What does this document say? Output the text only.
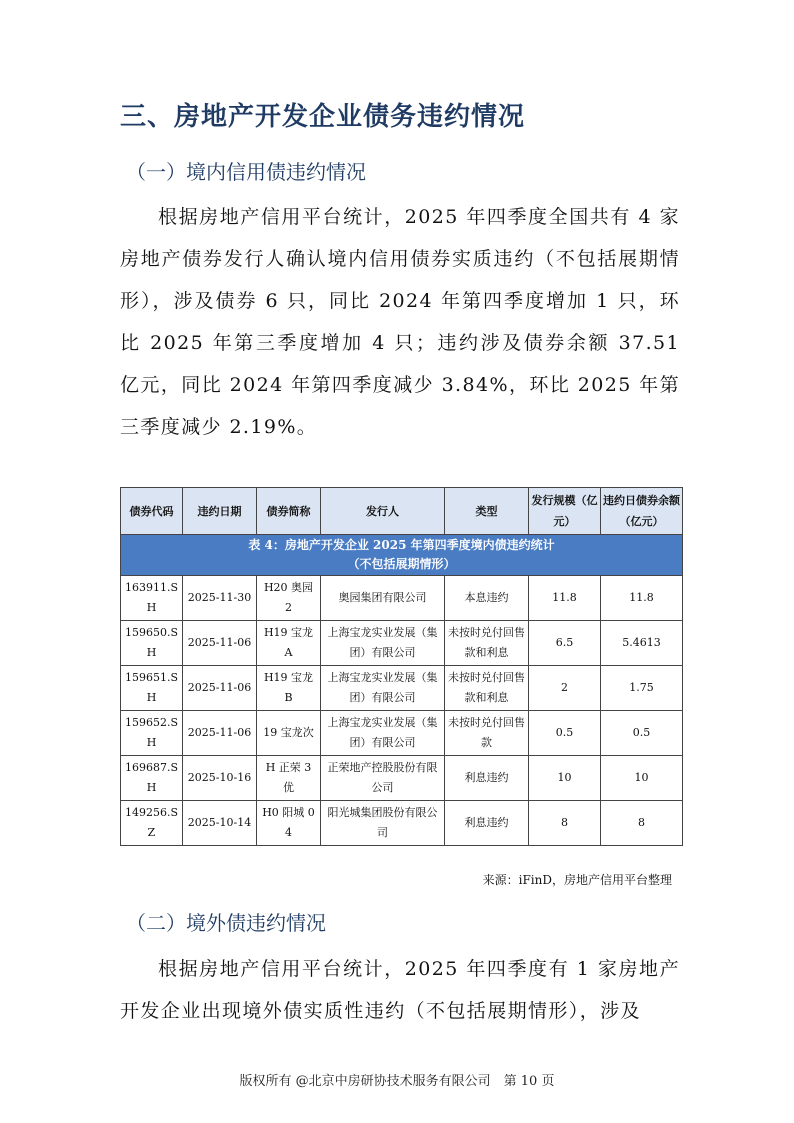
三、房地产开发企业债务违约情况
（一）境内信用债违约情况

根据房地产信用平台统计，2025 年四季度全国共有 4 家房地产债券发行人确认境内信用债券实质违约（不包括展期情形），涉及债券 6 只，同比 2024 年第四季度增加 1 只，环比 2025 年第三季度增加 4 只；违约涉及债券余额 37.51 亿元，同比 2024 年第四季度减少 3.84%，环比 2025 年第三季度减少 2.19%。

表 4：房地产开发企业 2025 年第四季度境内债违约统计
（不包括展期情形）						

债券代码	违约日期	债券简称	发行人	类型	发行规模（亿元）	违约日债券余额（亿元）
163911.SH	2025-11-30	H20 奥园 2	奥园集团有限公司	本息违约	11.8	11.8
159650.SH	2025-11-06	H19 宝龙 A	上海宝龙实业发展（集团）有限公司	未按时兑付回售款和利息	6.5	5.4613
159651.SH	2025-11-06	H19 宝龙 B	上海宝龙实业发展（集团）有限公司	未按时兑付回售款和利息	2	1.75
159652.SH	2025-11-06	19 宝龙次	上海宝龙实业发展（集团）有限公司	未按时兑付回售款	0.5	0.5
169687.SH	2025-10-16	H 正荣 3 优	正荣地产控股股份有限公司	利息违约	10	10
149256.SZ	2025-10-14	H0 阳城 04	阳光城集团股份有限公司	利息违约	8	8
来源：iFinD，房地产信用平台整理
（二）境外债违约情况

根据房地产信用平台统计，2025 年四季度有 1 家房地产开发企业出现境外债实质性违约（不包括展期情形），涉及

版权所有 @北京中房研协技术服务有限公司　第 10 页
